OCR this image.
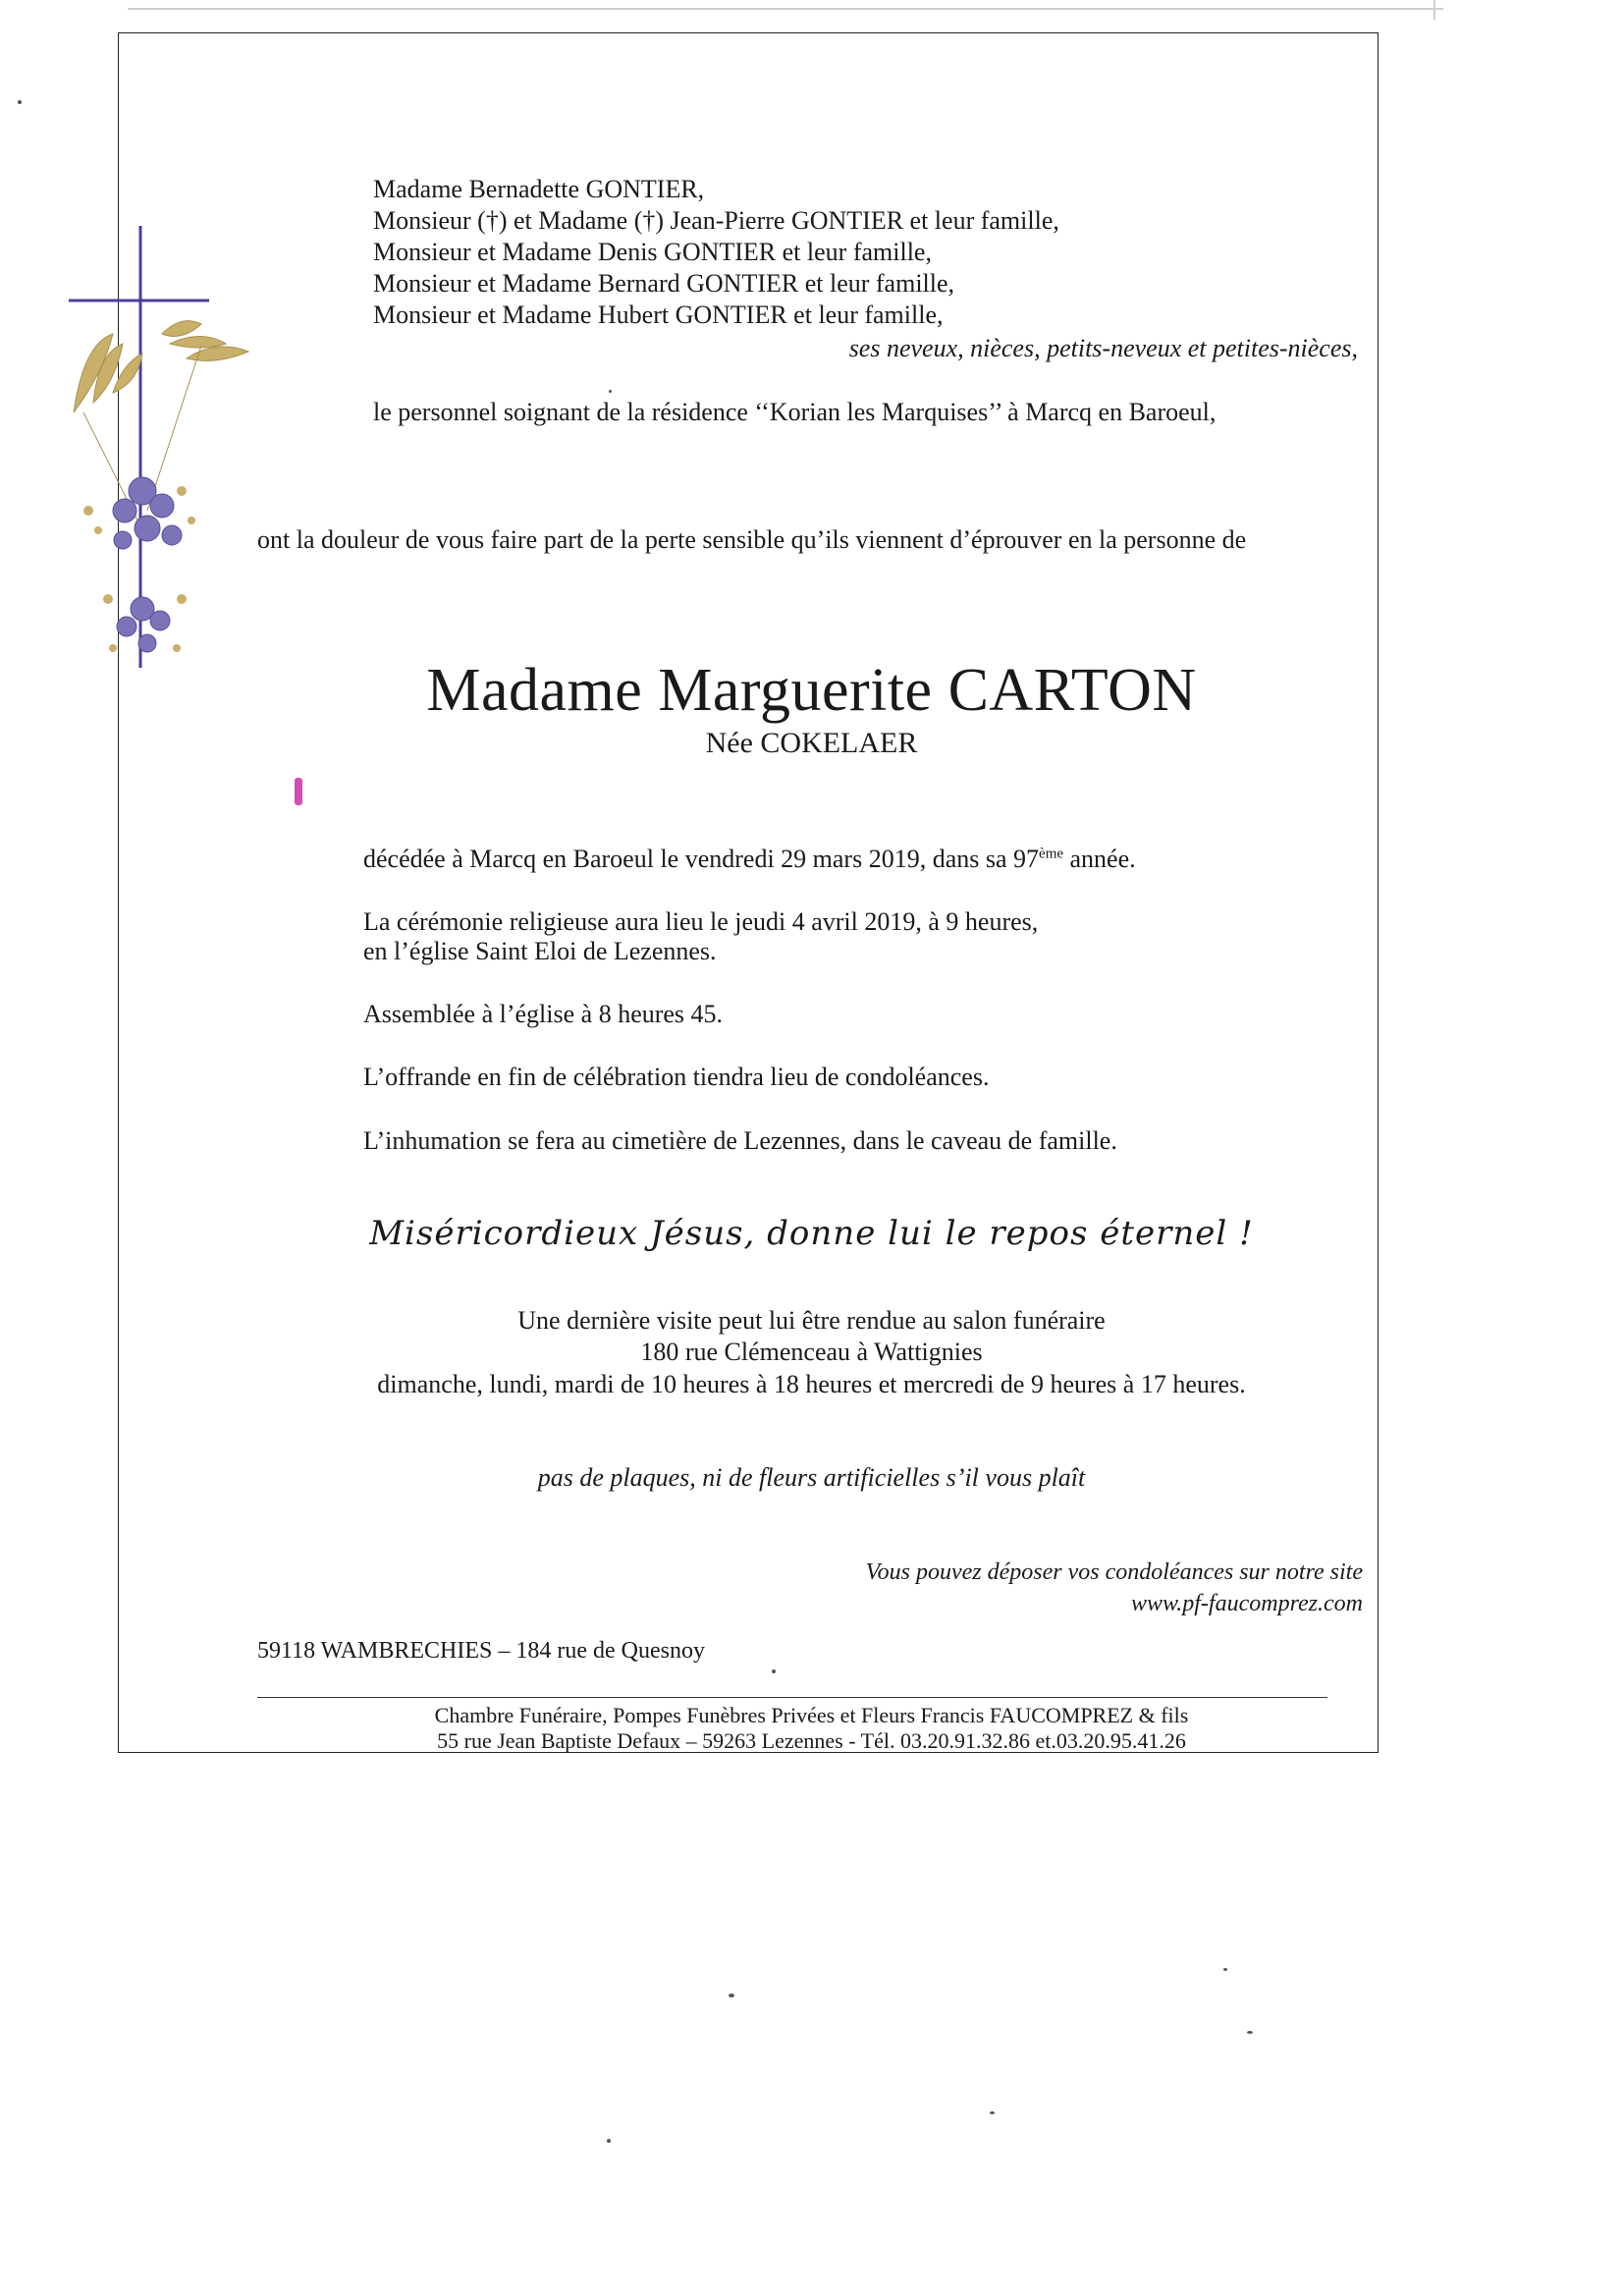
Madame Bernadette GONTIER,
Monsieur (†) et Madame (†) Jean-Pierre GONTIER et leur famille,
Monsieur et Madame Denis GONTIER et leur famille,
Monsieur et Madame Bernard GONTIER et leur famille,
Monsieur et Madame Hubert GONTIER et leur famille,
ses neveux, nièces, petits-neveux et petites-nièces,
le personnel soignant de la résidence ‘‘Korian les Marquises’’ à Marcq en Baroeul,
ont la douleur de vous faire part de la perte sensible qu’ils viennent d’éprouver en la personne de
Madame Marguerite CARTON
Née COKELAER
décédée à Marcq en Baroeul le vendredi 29 mars 2019, dans sa 97ème année.
La cérémonie religieuse aura lieu le jeudi 4 avril 2019, à 9 heures,
en l’église Saint Eloi de Lezennes.
Assemblée à l’église à 8 heures 45.
L’offrande en fin de célébration tiendra lieu de condoléances.
L’inhumation se fera au cimetière de Lezennes, dans le caveau de famille.
Miséricordieux Jésus, donne lui le repos éternel !
Une dernière visite peut lui être rendue au salon funéraire
180 rue Clémenceau à Wattignies
dimanche, lundi, mardi de 10 heures à 18 heures et mercredi de 9 heures à 17 heures.
pas de plaques, ni de fleurs artificielles s’il vous plaît
Vous pouvez déposer vos condoléances sur notre site
www.pf-faucomprez.com
59118 WAMBRECHIES – 184 rue de Quesnoy
Chambre Funéraire, Pompes Funèbres Privées et Fleurs Francis FAUCOMPREZ & fils
55 rue Jean Baptiste Defaux – 59263 Lezennes - Tél. 03.20.91.32.86 et.03.20.95.41.26
